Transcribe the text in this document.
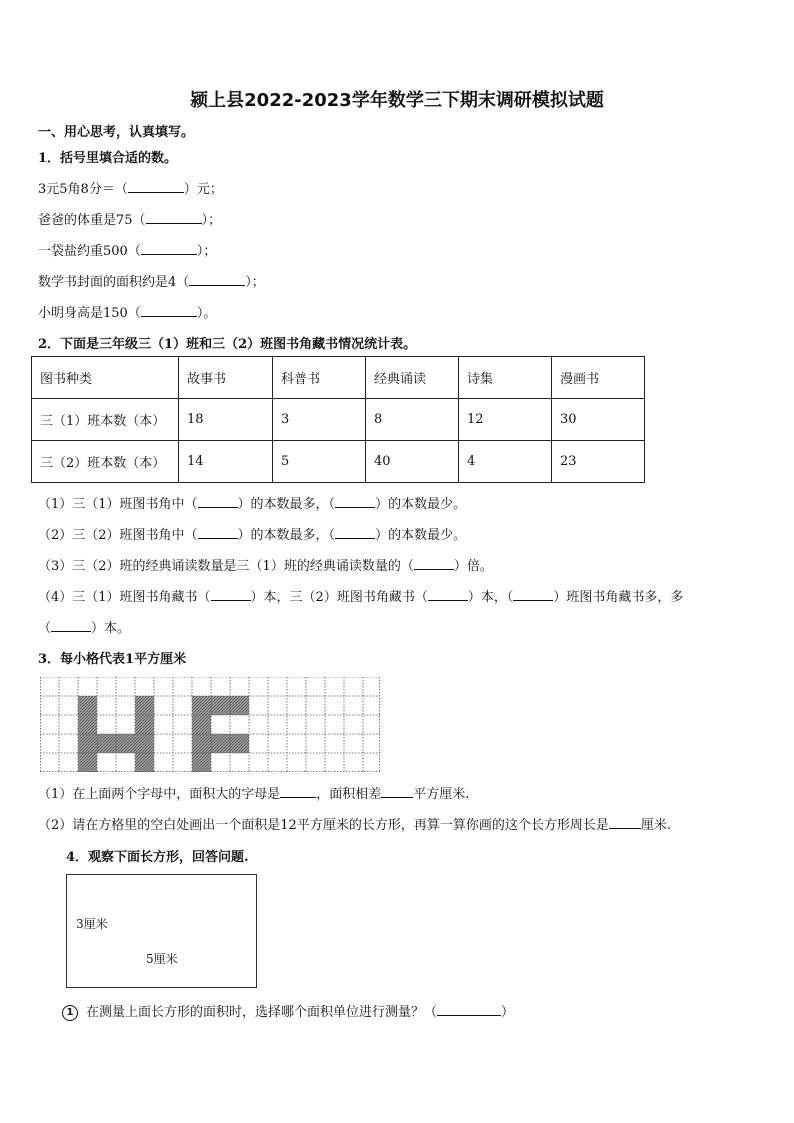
颍上县2022-2023学年数学三下期末调研模拟试题
一、用心思考，认真填写。
1．括号里填合适的数。
3元5角8分＝（	）元；
爸爸的体重是75（	）；
一袋盐约重500（	）；
数学书封面的面积约是4（	）；
小明身高是150（	）。
2．下面是三年级三（1）班和三（2）班图书角藏书情况统计表。
图书种类	故事书	科普书	经典诵读	诗集	漫画书
三（1）班本数（本）	18	3	8	12	30
三（2）班本数（本）	14	5	40	4	23
（1）三（1）班图书角中（	）的本数最多，（	）的本数最少。
（2）三（2）班图书角中（	）的本数最多，（	）的本数最少。
（3）三（2）班的经典诵读数量是三（1）班的经典诵读数量的（	）倍。
（4）三（1）班图书角藏书（	）本，三（2）班图书角藏书（	）本，（	）班图书角藏书多，多
（	）本。
3．每小格代表1平方厘米
（1）在上面两个字母中，面积大的字母是	，面积相差 平方厘米.
（2）请在方格里的空白处画出一个面积是12平方厘米的长方形，再算一算你画的这个长方形周长是 厘米.
4．观察下面长方形，回答问题.
3厘米
5厘米
1 在测量上面长方形的面积时，选择哪个面积单位进行测量？（	）
